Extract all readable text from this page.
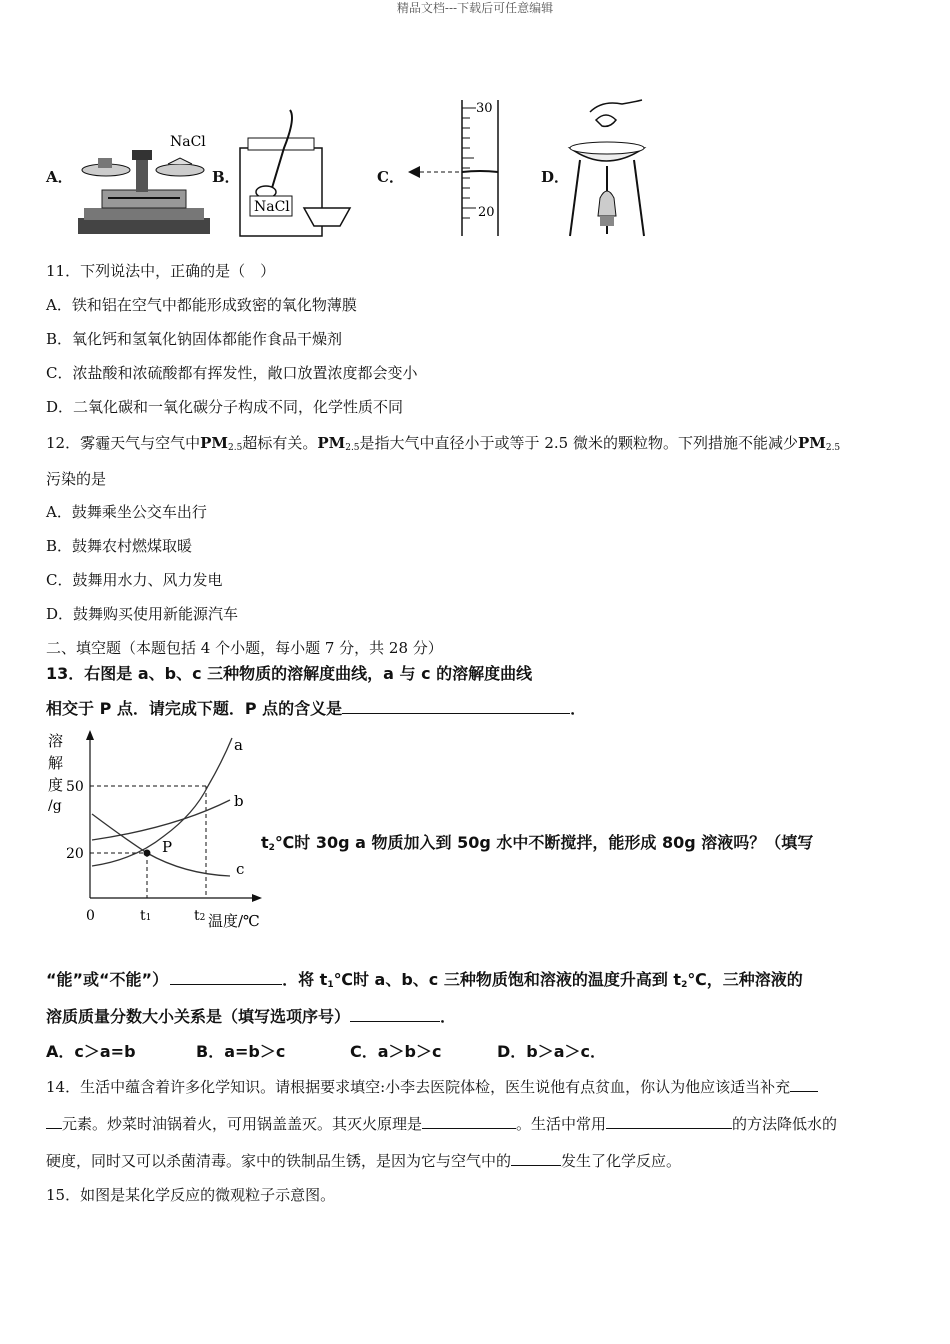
精品文档---下载后可任意编辑
A．
NaCl
B．
NaCl
C．
30
20
D．
11．下列说法中，正确的是（　）
A．铁和铝在空气中都能形成致密的氧化物薄膜
B．氧化钙和氢氧化钠固体都能作食品干燥剂
C．浓盐酸和浓硫酸都有挥发性，敞口放置浓度都会变小
D．二氧化碳和一氧化碳分子构成不同，化学性质不同
12．雾霾天气与空气中$PM_{2.5}$超标有关。$PM_{2.5}$是指大气中直径小于或等于 2.5 微米的颗粒物。下列措施不能减少$PM_{2.5}$
污染的是
A．鼓舞乘坐公交车出行
B．鼓舞农村燃煤取暖
C．鼓舞用水力、风力发电
D．鼓舞购买使用新能源汽车
二、填空题（本题包括 4 个小题，每小题 7 分，共 28 分）
13．右图是 a、b、c 三种物质的溶解度曲线，a 与 c 的溶解度曲线
相交于 P 点．请完成下题．P 点的含义是	．
溶
解
度
/g
50
20
0	t1	t2 温度/℃
P
a
b
c
$t_2℃$时 30g a 物质加入到 50g 水中不断搅拌，能形成 80g 溶液吗？（填写
“能”或“不能”）	．将 $t_1℃$时 a、b、c 三种物质饱和溶液的温度升高到 $t_2℃$，三种溶液的
溶质质量分数大小关系是（填写选项序号）	．
A．c＞a=b	B．a=b＞c	C．a＞b＞c	D．b＞a＞c．
14．生活中蕴含着许多化学知识。请根据要求填空:小李去医院体检，医生说他有点贫血，你认为他应该适当补充
元素。炒菜时油锅着火，可用锅盖盖灭。其灭火原理是	。生活中常用	的方法降低水的
硬度，同时又可以杀菌清毒。家中的铁制品生锈，是因为它与空气中的	发生了化学反应。
15．如图是某化学反应的微观粒子示意图。
